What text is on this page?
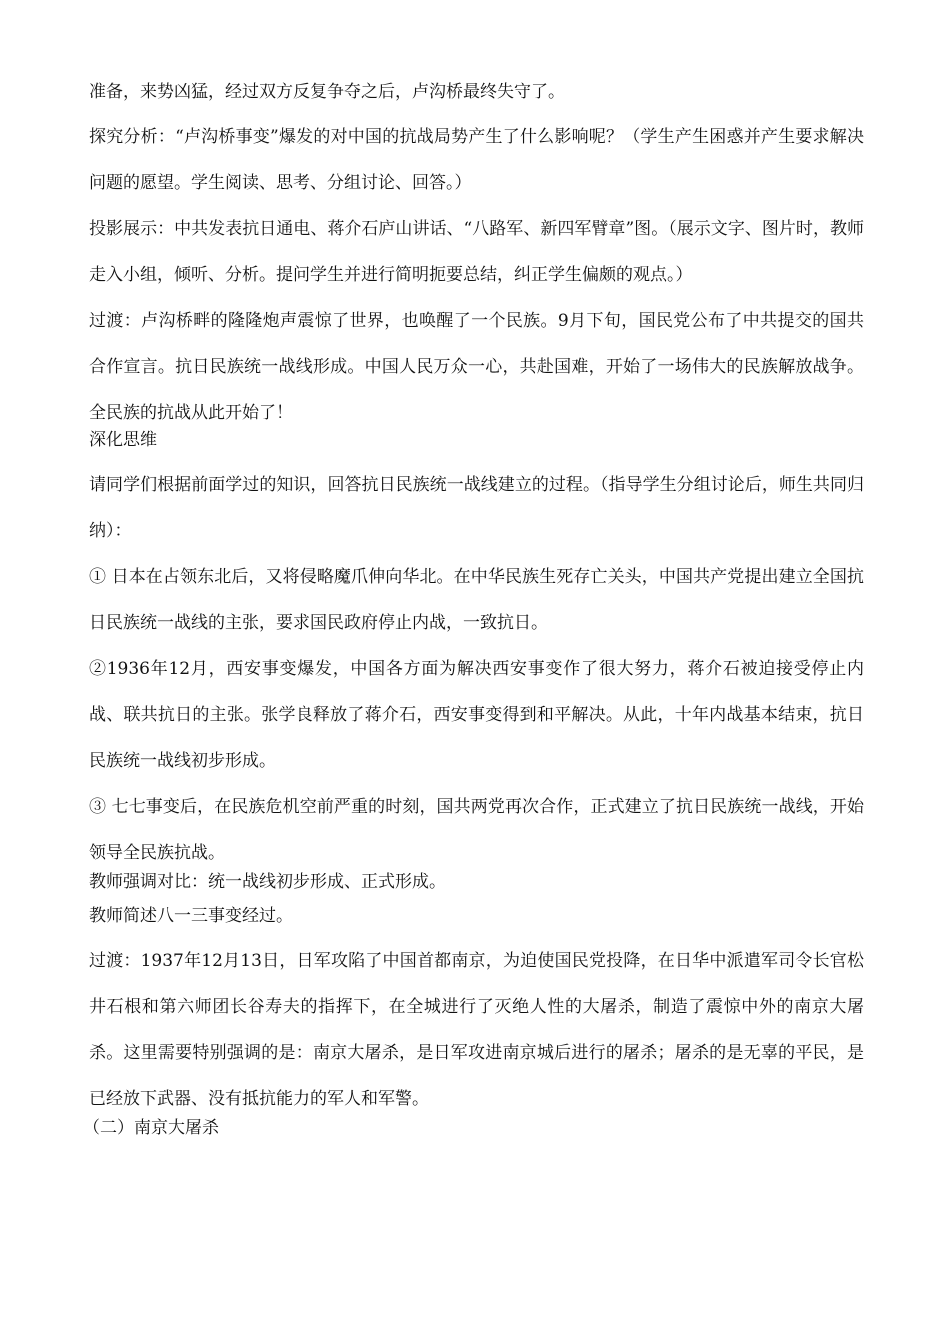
准备，来势凶猛，经过双方反复争夺之后，卢沟桥最终失守了。

探究分析：“卢沟桥事变”爆发的对中国的抗战局势产生了什么影响呢？（学生产生困惑并产生要求解决问题的愿望。学生阅读、思考、分组讨论、回答。）

投影展示：中共发表抗日通电、蒋介石庐山讲话、“八路军、新四军臂章”图。（展示文字、图片时，教师走入小组，倾听、分析。提问学生并进行简明扼要总结，纠正学生偏颇的观点。）

过渡：卢沟桥畔的隆隆炮声震惊了世界，也唤醒了一个民族。9月下旬，国民党公布了中共提交的国共合作宣言。抗日民族统一战线形成。中国人民万众一心，共赴国难，开始了一场伟大的民族解放战争。全民族的抗战从此开始了！

深化思维

请同学们根据前面学过的知识，回答抗日民族统一战线建立的过程。（指导学生分组讨论后，师生共同归纳）：

① 日本在占领东北后，又将侵略魔爪伸向华北。在中华民族生死存亡关头，中国共产党提出建立全国抗日民族统一战线的主张，要求国民政府停止内战，一致抗日。

②1936年12月，西安事变爆发，中国各方面为解决西安事变作了很大努力，蒋介石被迫接受停止内战、联共抗日的主张。张学良释放了蒋介石，西安事变得到和平解决。从此，十年内战基本结束，抗日民族统一战线初步形成。

③ 七七事变后，在民族危机空前严重的时刻，国共两党再次合作，正式建立了抗日民族统一战线，开始领导全民族抗战。

教师强调对比：统一战线初步形成、正式形成。

教师简述八一三事变经过。

过渡：1937年12月13日，日军攻陷了中国首都南京，为迫使国民党投降，在日华中派遣军司令长官松井石根和第六师团长谷寿夫的指挥下，在全城进行了灭绝人性的大屠杀，制造了震惊中外的南京大屠杀。这里需要特别强调的是：南京大屠杀，是日军攻进南京城后进行的屠杀；屠杀的是无辜的平民，是已经放下武器、没有抵抗能力的军人和军警。

（二）南京大屠杀
